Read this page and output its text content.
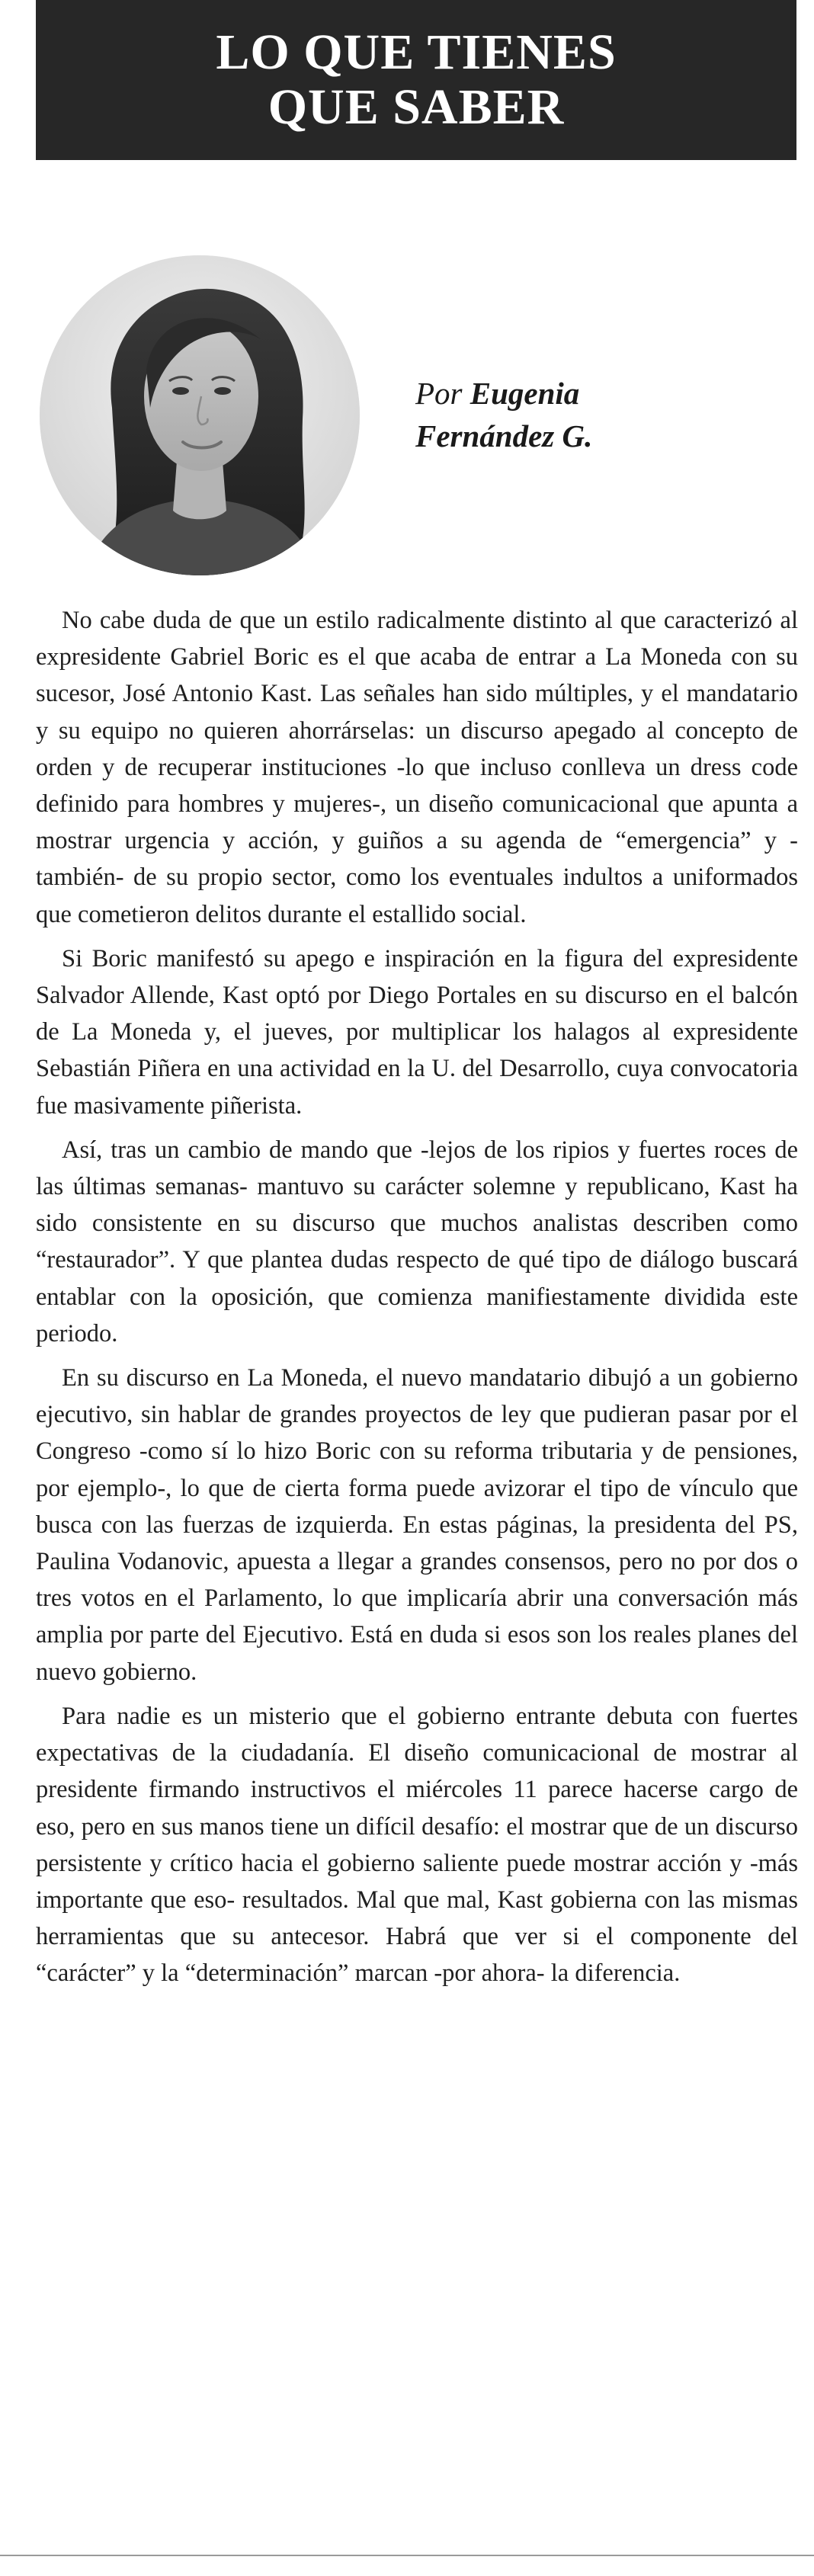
LO QUE TIENES
QUE SABER
Por Eugenia
Fernández G.

No cabe duda de que un estilo radicalmente distinto al que caracterizó al expresidente Gabriel Boric es el que acaba de entrar a La Moneda con su sucesor, José Antonio Kast. Las señales han sido múltiples, y el mandatario y su equipo no quieren ahorrárselas: un discurso apegado al concepto de orden y de recuperar instituciones -lo que incluso conlleva un dress code definido para hombres y mujeres-, un diseño comunicacional que apunta a mostrar urgencia y acción, y guiños a su agenda de “emergencia” y -también- de su propio sector, como los eventuales indultos a uniformados que cometieron delitos durante el estallido social.

Si Boric manifestó su apego e inspiración en la figura del expresidente Salvador Allende, Kast optó por Diego Portales en su discurso en el balcón de La Moneda y, el jueves, por multiplicar los halagos al expresidente Sebastián Piñera en una actividad en la U. del Desarrollo, cuya convocatoria fue masivamente piñerista.

Así, tras un cambio de mando que -lejos de los ripios y fuertes roces de las últimas semanas- mantuvo su carácter solemne y republicano, Kast ha sido consistente en su discurso que muchos analistas describen como “restaurador”. Y que plantea dudas respecto de qué tipo de diálogo buscará entablar con la oposición, que comienza manifiestamente dividida este periodo.

En su discurso en La Moneda, el nuevo mandatario dibujó a un gobierno ejecutivo, sin hablar de grandes proyectos de ley que pudieran pasar por el Congreso -como sí lo hizo Boric con su reforma tributaria y de pensiones, por ejemplo-, lo que de cierta forma puede avizorar el tipo de vínculo que busca con las fuerzas de izquierda. En estas páginas, la presidenta del PS, Paulina Vodanovic, apuesta a llegar a grandes consensos, pero no por dos o tres votos en el Parlamento, lo que implicaría abrir una conversación más amplia por parte del Ejecutivo. Está en duda si esos son los reales planes del nuevo gobierno.

Para nadie es un misterio que el gobierno entrante debuta con fuertes expectativas de la ciudadanía. El diseño comunicacional de mostrar al presidente firmando instructivos el miércoles 11 parece hacerse cargo de eso, pero en sus manos tiene un difícil desafío: el mostrar que de un discurso persistente y crítico hacia el gobierno saliente puede mostrar acción y -más importante que eso- resultados. Mal que mal, Kast gobierna con las mismas herramientas que su antecesor. Habrá que ver si el componente del “carácter” y la “determinación” marcan -por ahora- la diferencia.
